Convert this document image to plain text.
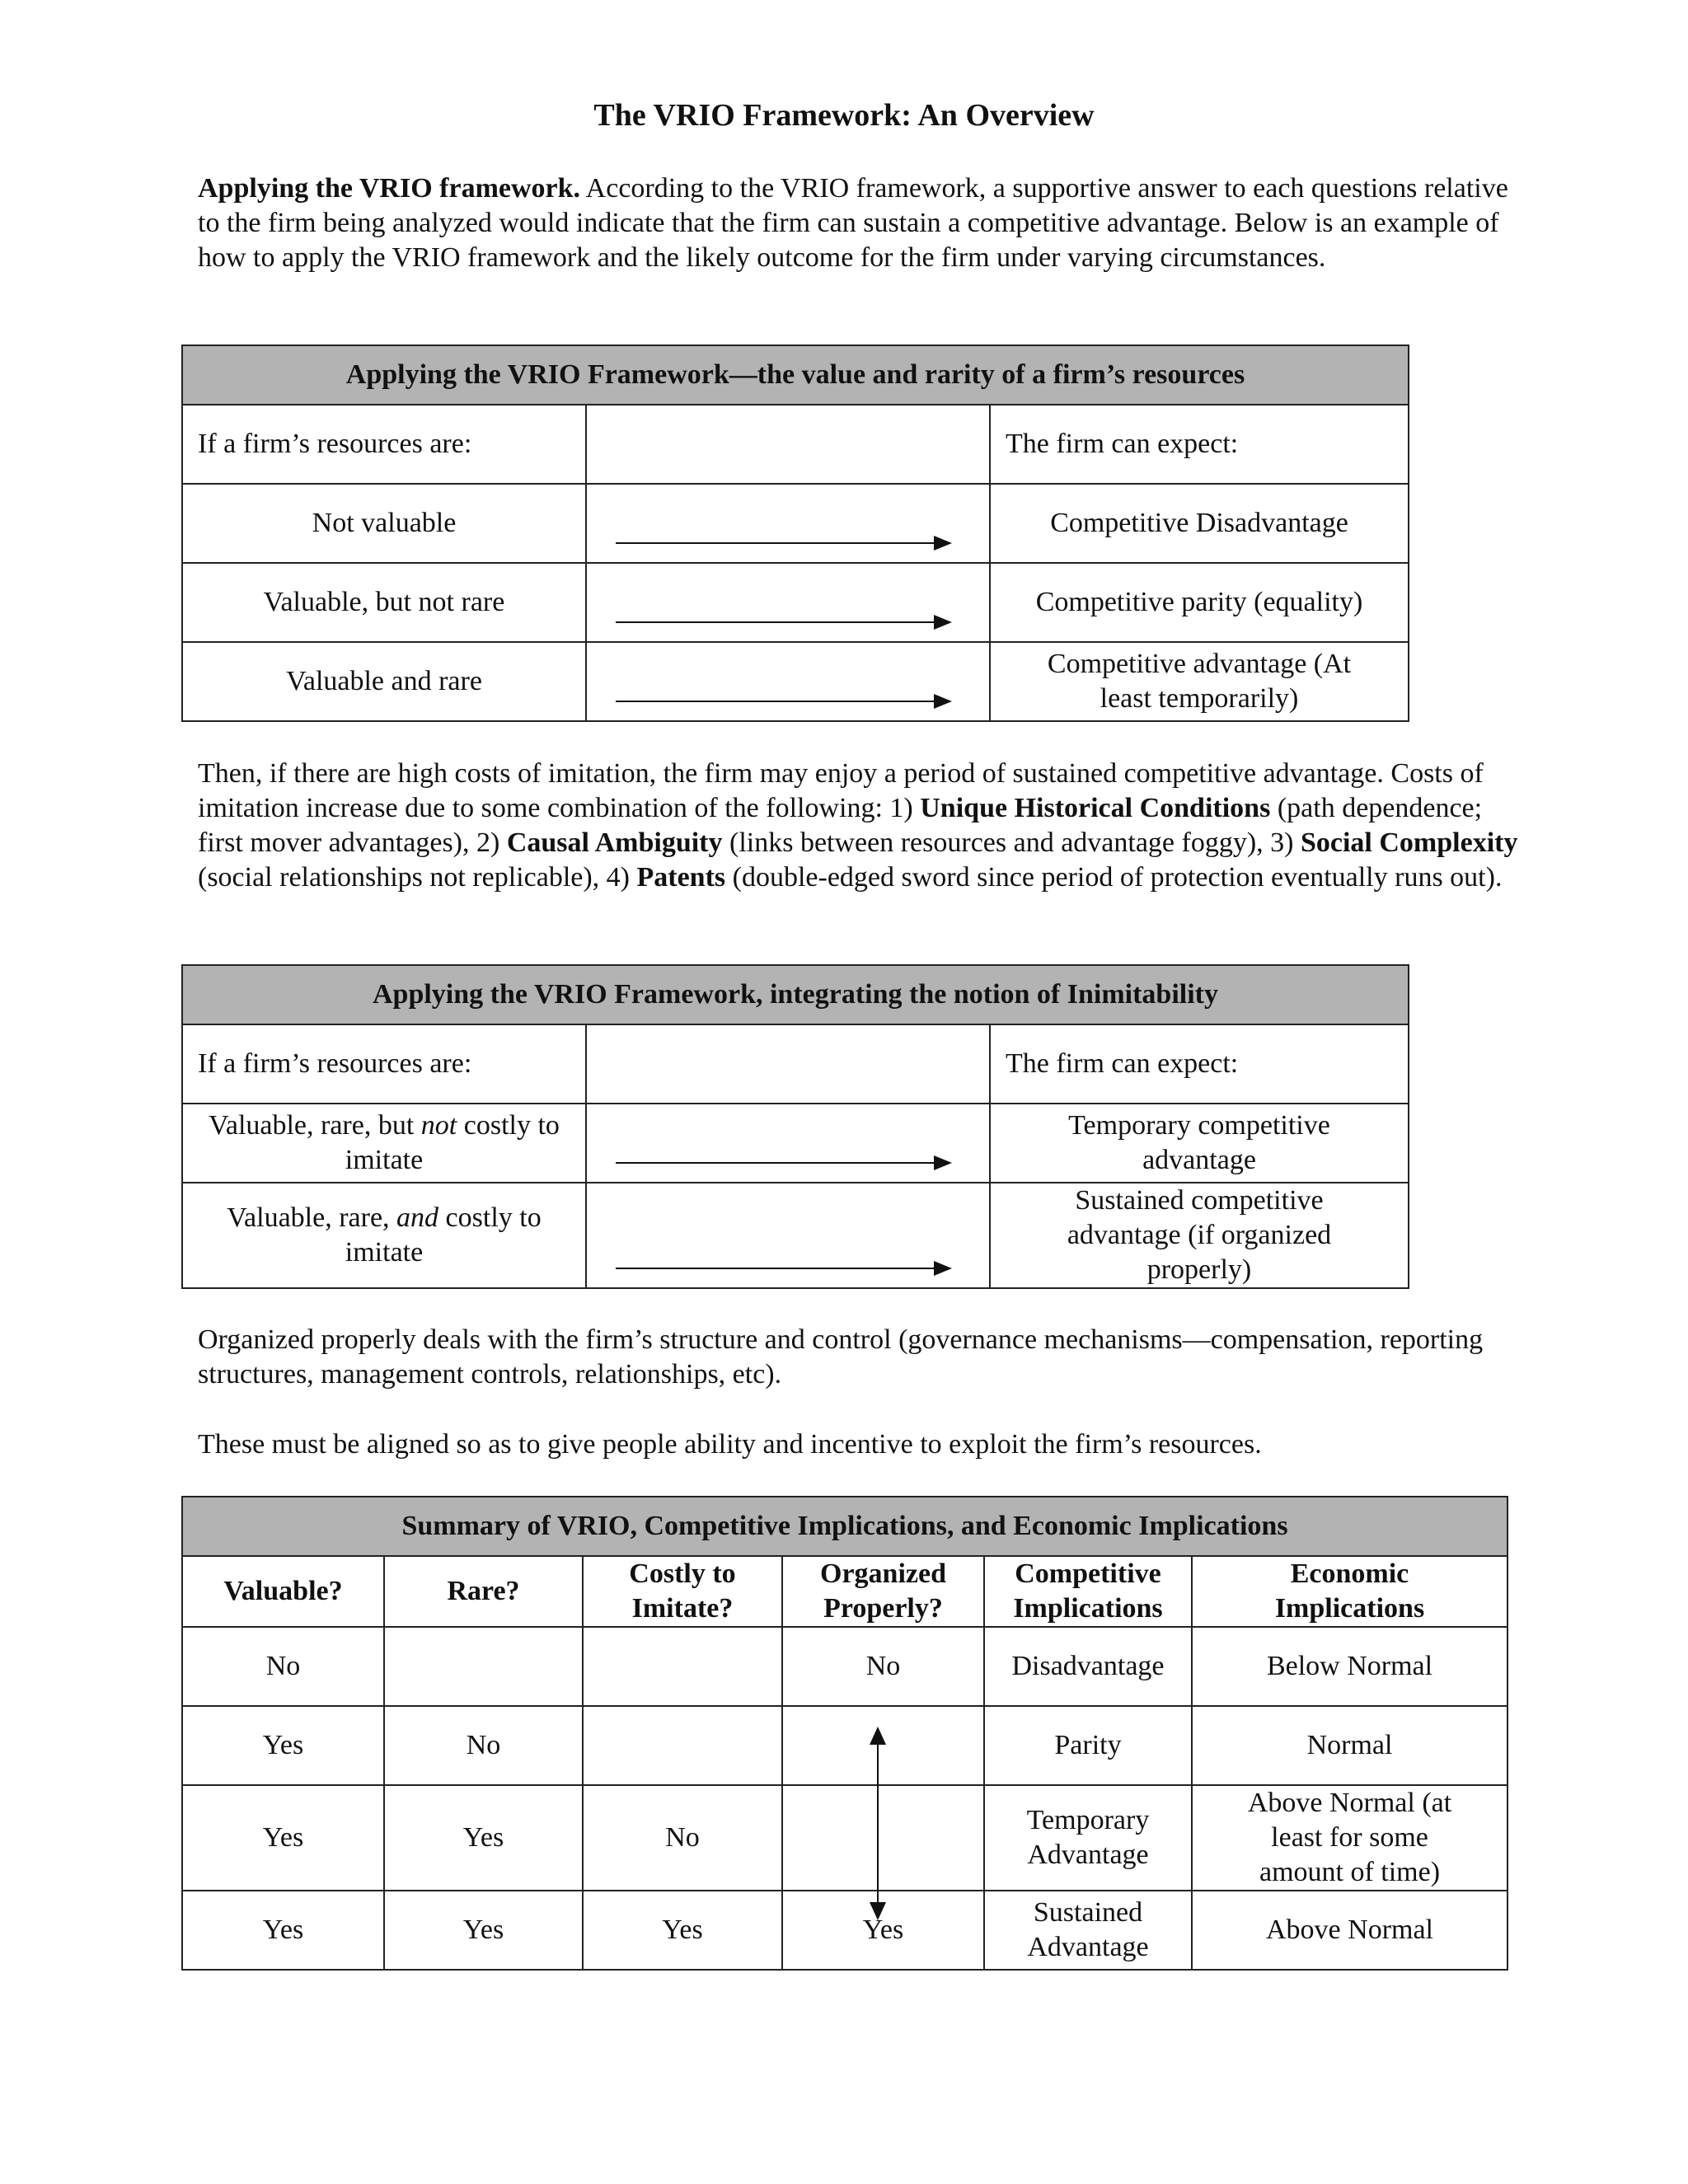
The VRIO Framework: An Overview
Applying the VRIO framework. According to the VRIO framework, a supportive answer to each questions relative to the firm being analyzed would indicate that the firm can sustain a competitive advantage. Below is an example of how to apply the VRIO framework and the likely outcome for the firm under varying circumstances.
Applying the VRIO Framework—the value and rarity of a firm’s resources		
If a firm’s resources are:		The firm can expect:
Not valuable		Competitive Disadvantage
Valuable, but not rare		Competitive parity (equality)
Valuable and rare		Competitive advantage (At least temporarily)
Then, if there are high costs of imitation, the firm may enjoy a period of sustained competitive advantage. Costs of imitation increase due to some combination of the following: 1) Unique Historical Conditions (path dependence; first mover advantages), 2) Causal Ambiguity (links between resources and advantage foggy), 3) Social Complexity (social relationships not replicable), 4) Patents (double-edged sword since period of protection eventually runs out).
Applying the VRIO Framework, integrating the notion of Inimitability		
If a firm’s resources are:		The firm can expect:
Valuable, rare, but not costly to imitate		Temporary competitive advantage
Valuable, rare, and costly to imitate		Sustained competitive advantage (if organized properly)
Organized properly deals with the firm’s structure and control (governance mechanisms—compensation, reporting structures, management controls, relationships, etc).
These must be aligned so as to give people ability and incentive to exploit the firm’s resources.
Summary of VRIO, Competitive Implications, and Economic Implications					
Valuable?	Rare?	Costly to Imitate?	Organized Properly?	Competitive Implications	Economic Implications
No			No	Disadvantage	Below Normal
Yes	No			Parity	Normal
Yes	Yes	No		Temporary Advantage	Above Normal (at least for some amount of time)
Yes	Yes	Yes	Yes	Sustained Advantage	Above Normal
